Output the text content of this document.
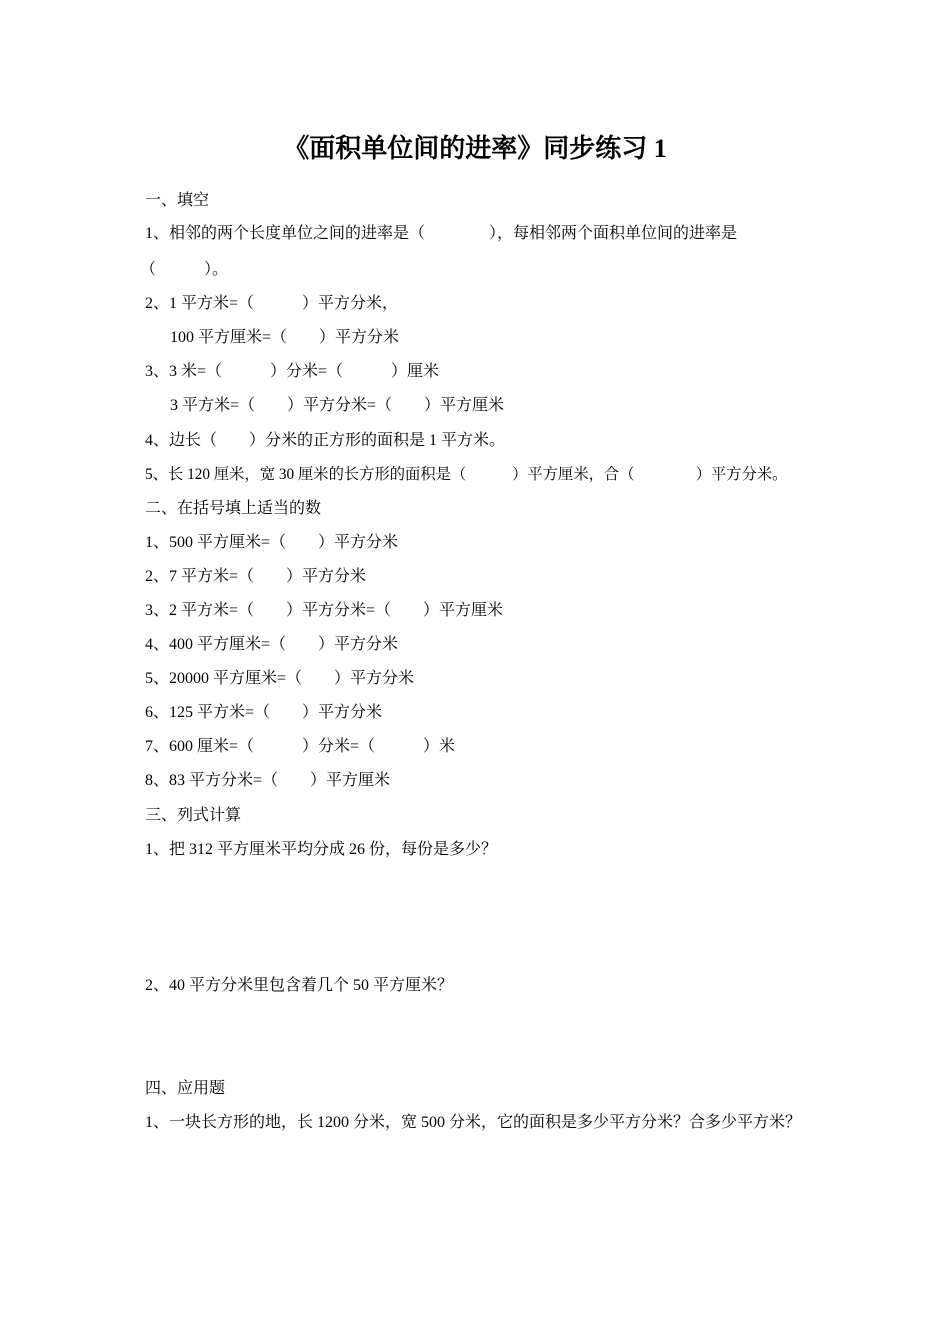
《面积单位间的进率》同步练习 1
一、填空
1、相邻的两个长度单位之间的进率是（　　　　），每相邻两个面积单位间的进率是
（　　　）。
2、1 平方米=（　　　）平方分米，
100 平方厘米=（　　）平方分米
3、3 米=（　　　）分米=（　　　）厘米
3 平方米=（　　）平方分米=（　　）平方厘米
4、边长（　　）分米的正方形的面积是 1 平方米。
5、长 120 厘米，宽 30 厘米的长方形的面积是（　　　）平方厘米，合（　　　　）平方分米。
二、在括号填上适当的数
1、500 平方厘米=（　　）平方分米
2、7 平方米=（　　）平方分米
3、2 平方米=（　　）平方分米=（　　）平方厘米
4、400 平方厘米=（　　）平方分米
5、20000 平方厘米=（　　）平方分米
6、125 平方米=（　　）平方分米
7、600 厘米=（　　　）分米=（　　　）米
8、83 平方分米=（　　）平方厘米
三、列式计算
1、把 312 平方厘米平均分成 26 份，每份是多少？
2、40 平方分米里包含着几个 50 平方厘米？
四、应用题
1、一块长方形的地，长 1200 分米，宽 500 分米，它的面积是多少平方分米？合多少平方米？
